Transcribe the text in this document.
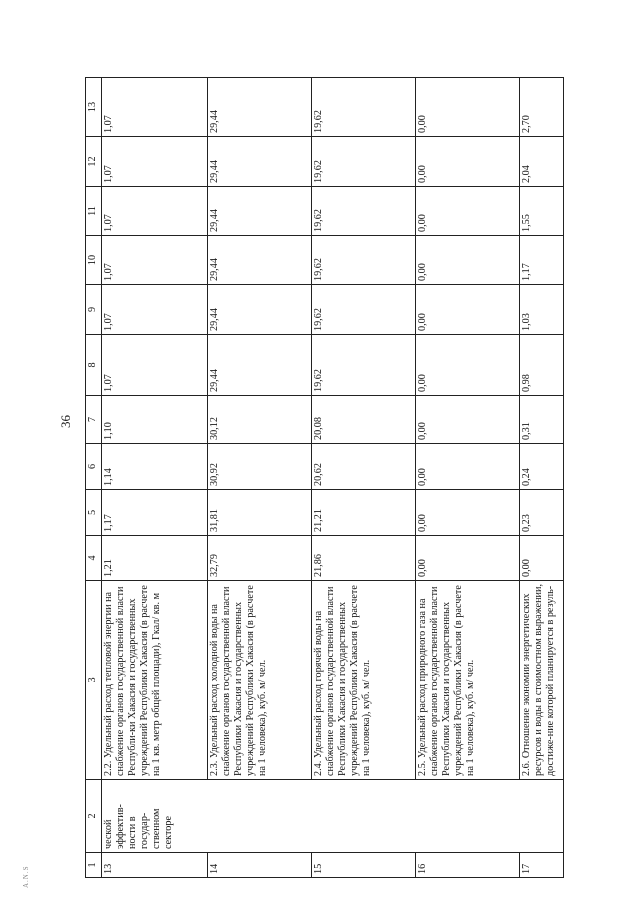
36
A.N.S
1	2	3	4	5	6	7	8	9	10	11	12	13
13	ческой эффектив-ности в государ-ственном секторе	2.2. Удельный расход тепловой энергии на снабжение органов государственной власти Республи-ки Хакасия и государственных учреждений Республики Хакасия (в расчете на 1 кв. метр общей площади), Гкал/ кв. м	1,21	1,17	1,14	1,10	1,07	1,07	1,07	1,07	1,07	1,07
14		2.3. Удельный расход холодной воды на снабжение органов государственной власти Республики Хакасия и государственных учреждений Республики Хакасия (в расчете на 1 человека), куб. м/ чел.	32,79	31,81	30,92	30,12	29,44	29,44	29,44	29,44	29,44	29,44
15		2.4. Удельный расход горячей воды на снабжение органов государственной власти Республики Хакасия и государственных учреждений Республики Хакасия (в расчете на 1 человека), куб. м/ чел.	21,86	21,21	20,62	20,08	19,62	19,62	19,62	19,62	19,62	19,62
16		2.5. Удельный расход природного газа на снабжение органов государственной власти Республики Хакасия и государственных учреждений Республики Хакасия (в расчете на 1 человека), куб. м/ чел.	0,00	0,00	0,00	0,00	0,00	0,00	0,00	0,00	0,00	0,00
17		2.6. Отношение экономии энергетических ресурсов и воды в стоимостном выражении, достиже-ние которой планируется в резуль-	0,00	0,23	0,24	0,31	0,98	1,03	1,17	1,55	2,04	2,70
